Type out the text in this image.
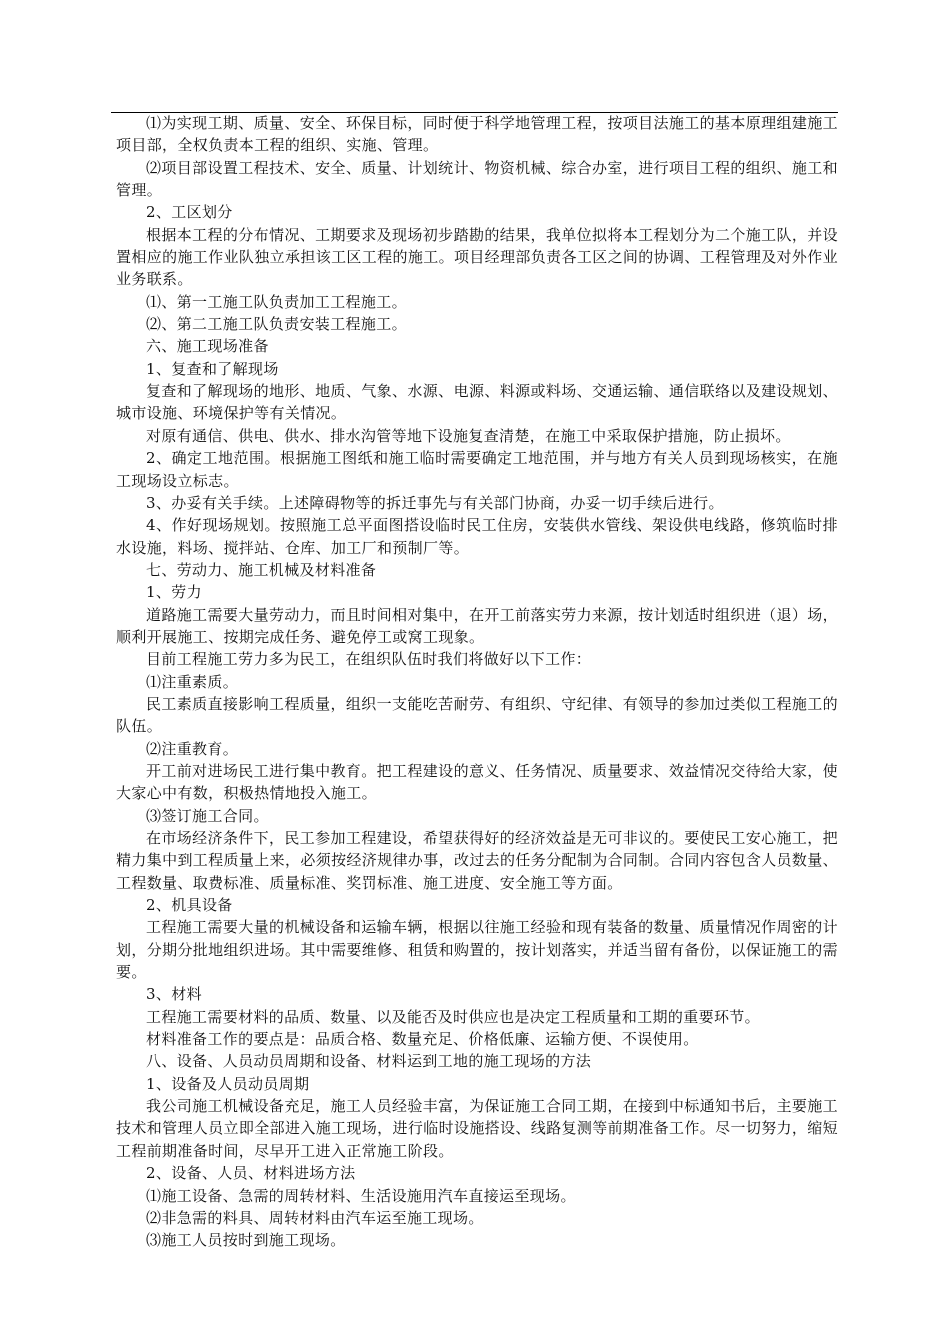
⑴为实现工期、质量、安全、环保目标，同时便于科学地管理工程，按项目法施工的基本原理组建施工项目部，全权负责本工程的组织、实施、管理。

⑵项目部设置工程技术、安全、质量、计划统计、物资机械、综合办室，进行项目工程的组织、施工和管理。

2、工区划分

根据本工程的分布情况、工期要求及现场初步踏勘的结果，我单位拟将本工程划分为二个施工队，并设置相应的施工作业队独立承担该工区工程的施工。项目经理部负责各工区之间的协调、工程管理及对外作业业务联系。

⑴、第一工施工队负责加工工程施工。

⑵、第二工施工队负责安装工程施工。

六、施工现场准备

1、复查和了解现场

复查和了解现场的地形、地质、气象、水源、电源、料源或料场、交通运输、通信联络以及建设规划、城市设施、环境保护等有关情况。

对原有通信、供电、供水、排水沟管等地下设施复查清楚，在施工中采取保护措施，防止损坏。

2、确定工地范围。根据施工图纸和施工临时需要确定工地范围，并与地方有关人员到现场核实，在施工现场设立标志。

3、办妥有关手续。上述障碍物等的拆迁事先与有关部门协商，办妥一切手续后进行。

4、作好现场规划。按照施工总平面图搭设临时民工住房，安装供水管线、架设供电线路，修筑临时排水设施，料场、搅拌站、仓库、加工厂和预制厂等。

七、劳动力、施工机械及材料准备

1、劳力

道路施工需要大量劳动力，而且时间相对集中，在开工前落实劳力来源，按计划适时组织进（退）场，顺利开展施工、按期完成任务、避免停工或窝工现象。

目前工程施工劳力多为民工，在组织队伍时我们将做好以下工作：

⑴注重素质。

民工素质直接影响工程质量，组织一支能吃苦耐劳、有组织、守纪律、有领导的参加过类似工程施工的队伍。

⑵注重教育。

开工前对进场民工进行集中教育。把工程建设的意义、任务情况、质量要求、效益情况交待给大家，使大家心中有数，积极热情地投入施工。

⑶签订施工合同。

在市场经济条件下，民工参加工程建设，希望获得好的经济效益是无可非议的。要使民工安心施工，把精力集中到工程质量上来，必须按经济规律办事，改过去的任务分配制为合同制。合同内容包含人员数量、工程数量、取费标准、质量标准、奖罚标准、施工进度、安全施工等方面。

2、机具设备

工程施工需要大量的机械设备和运输车辆，根据以往施工经验和现有装备的数量、质量情况作周密的计划，分期分批地组织进场。其中需要维修、租赁和购置的，按计划落实，并适当留有备份，以保证施工的需要。

3、材料

工程施工需要材料的品质、数量、以及能否及时供应也是决定工程质量和工期的重要环节。

材料准备工作的要点是：品质合格、数量充足、价格低廉、运输方便、不误使用。

八、设备、人员动员周期和设备、材料运到工地的施工现场的方法

1、设备及人员动员周期

我公司施工机械设备充足，施工人员经验丰富，为保证施工合同工期，在接到中标通知书后，主要施工技术和管理人员立即全部进入施工现场，进行临时设施搭设、线路复测等前期准备工作。尽一切努力，缩短工程前期准备时间，尽早开工进入正常施工阶段。

2、设备、人员、材料进场方法

⑴施工设备、急需的周转材料、生活设施用汽车直接运至现场。

⑵非急需的料具、周转材料由汽车运至施工现场。

⑶施工人员按时到施工现场。
